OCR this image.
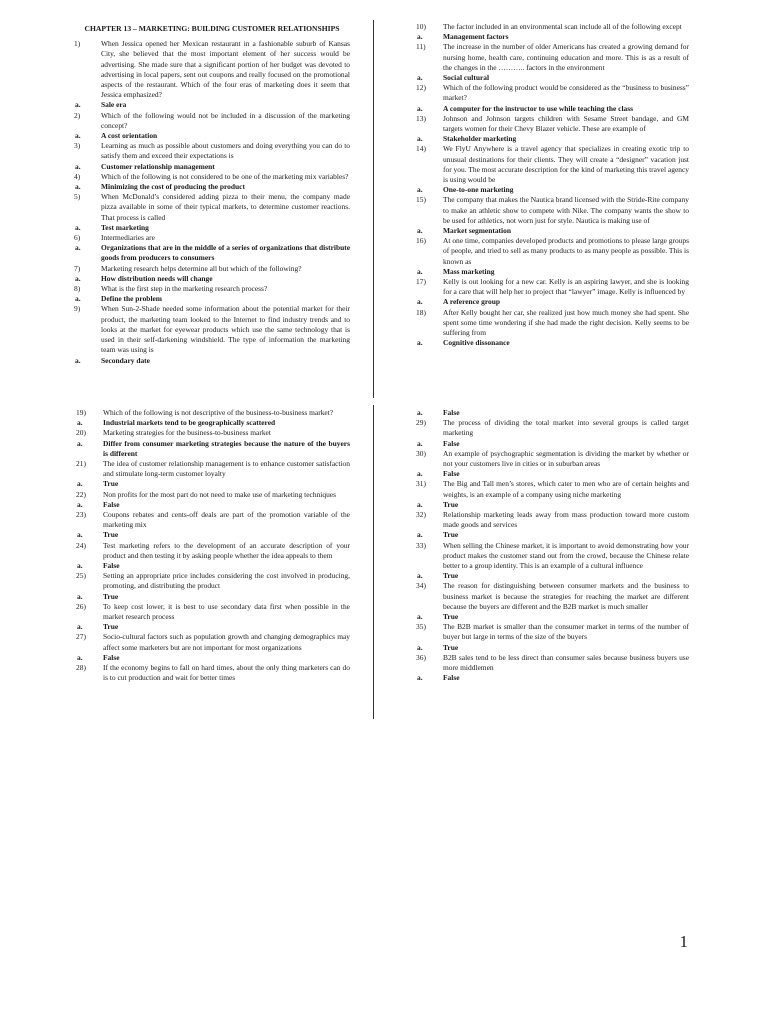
CHAPTER 13 – MARKETING: BUILDING CUSTOMER RELATIONSHIPS
1)	When Jessica opened her Mexican restaurant in a fashionable suburb of Kansas City, she believed that the most important element of her success would be advertising. She made sure that a significant portion of her budget was devoted to advertising in local papers, sent out coupons and really focused on the promotional aspects of the restaurant. Which of the four eras of marketing does it seem that Jessica emphasized?
a.	Sale era
2)	Which of the following would not be included in a discussion of the marketing concept?
a.	A cost orientation
3)	Learning as much as possible about customers and doing everything you can do to satisfy them and exceed their expectations is
a.	Customer relationship management
4)	Which of the following is not considered to be one of the marketing mix variables?
a.	Minimizing the cost of producing the product
5)	When McDonald’s considered adding pizza to their menu, the company made pizza available in some of their typical markets, to determine customer reactions. That process is called
a.	Test marketing
6)	Intermediaries are
a.	Organizations that are in the middle of a series of organizations that distribute goods from producers to consumers
7)	Marketing research helps determine all but which of the following?
a.	How distribution needs will change
8)	What is the first step in the marketing research process?
a.	Define the problem
9)	When Sun-2-Shade needed some information about the potential market for their product, the marketing team looked to the Internet to find industry trends and to looks at the market for eyewear products which use the same technology that is used in their self-darkening windshield. The type of information the marketing team was using is
a.	Secondary date
10)	The factor included in an environmental scan include all of the following except
a.	Management factors
11)	The increase in the number of older Americans has created a growing demand for nursing home, health care, continuing education and more. This is as a result of the changes in the ……….. factors in the environment
a.	Social cultural
12)	Which of the following product would be considered as the “business to business” market?
a.	A computer for the instructor to use while teaching the class
13)	Johnson and Johnson targets children with Sesame Street bandage, and GM targets women for their Chevy Blazer vehicle. These are example of
a.	Stakeholder marketing
14)	We FlyU Anywhere is a travel agency that specializes in creating exotic trip to unusual destinations for their clients. They will create a “designer” vacation just for you. The most accurate description for the kind of marketing this travel agency is using would be
a.	One-to-one marketing
15)	The company that makes the Nautica brand licensed with the Stride-Rite company to make an athletic show to compete with Nike. The company wants the show to be used for athletics, not worn just for style. Nautica is making use of
a.	Market segmentation
16)	At one time, companies developed products and promotions to please large groups of people, and tried to sell as many products to as many people as possible. This is known as
a.	Mass marketing
17)	Kelly is out looking for a new car. Kelly is an aspiring lawyer, and she is looking for a care that will help her to project that “lawyer” image. Kelly is influenced by
a.	A reference group
18)	After Kelly bought her car, she realized just how much money she had spent. She spent some time wondering if she had made the right decision. Kelly seems to be suffering from
a.	Cognitive dissonance
19)	Which of the following is not descriptive of the business-to-business market?
a.	Industrial markets tend to be geographically scattered
20)	Marketing strategies for the business-to-business market
a.	Differ from consumer marketing strategies because the nature of the buyers is different
21)	The idea of customer relationship management is to enhance customer satisfaction and stimulate long-term customer loyalty
a.	True
22)	Non profits for the most part do not need to make use of marketing techniques
a.	False
23)	Coupons rebates and cents-off deals are part of the promotion variable of the marketing mix
a.	True
24)	Test marketing refers to the development of an accurate description of your product and then testing it by asking people whether the idea appeals to them
a.	False
25)	Setting an appropriate price includes considering the cost involved in producing, promoting, and distributing the product
a.	True
26)	To keep cost lower, it is best to use secondary data first when possible in the market research process
a.	True
27)	Socio-cultural factors such as population growth and changing demographics may affect some marketers but are not important for most organizations
a.	False
28)	If the economy begins to fall on hard times, about the only thing marketers can do is to cut production and wait for better times
a.	False
29)	The process of dividing the total market into several groups is called target marketing
a.	False
30)	An example of psychographic segmentation is dividing the market by whether or not your customers live in cities or in suburban areas
a.	False
31)	The Big and Tall men’s stores, which cater to men who are of certain heights and weights, is an example of a company using niche marketing
a.	True
32)	Relationship marketing leads away from mass production toward more custom made goods and services
a.	True
33)	When selling the Chinese market, it is important to avoid demonstrating how your product makes the customer stand out from the crowd, because the Chinese relate better to a group identity. This is an example of a cultural influence
a.	True
34)	The reason for distinguishing between consumer markets and the business to business market is because the strategies for reaching the market are different because the buyers are different and the B2B market is much smaller
a.	True
35)	The B2B market is smaller than the consumer market in terms of the number of buyer but large in terms of the size of the buyers
a.	True
36)	B2B sales tend to be less direct than consumer sales because business buyers use more middlemen
a.	False
1
